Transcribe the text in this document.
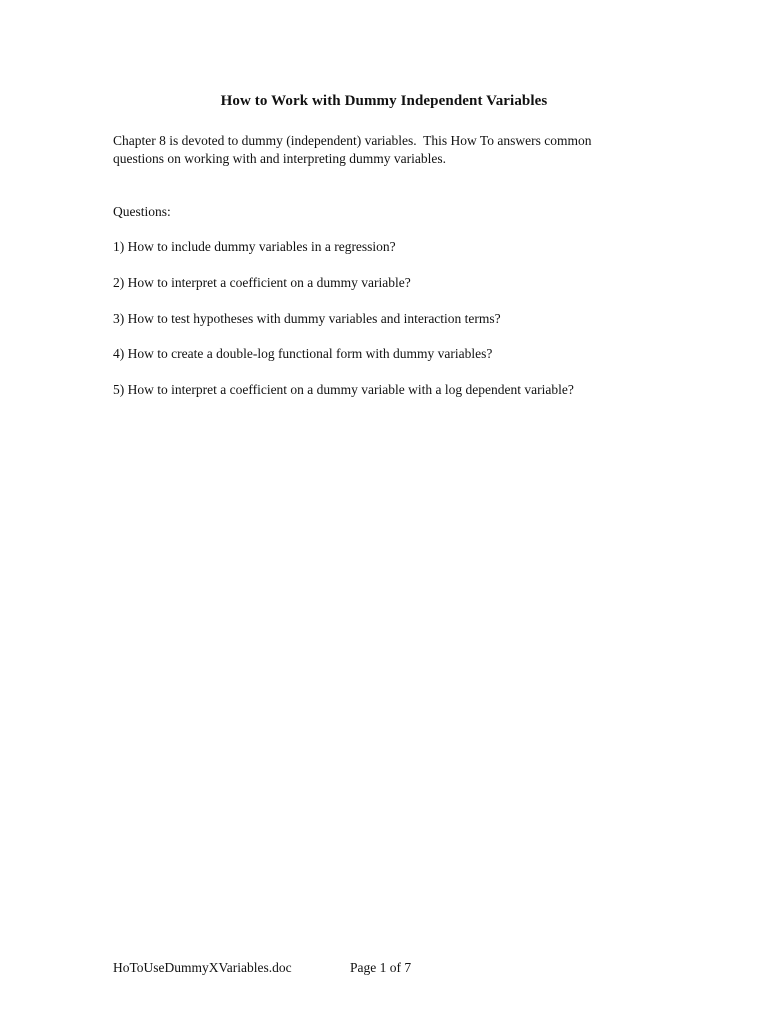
How to Work with Dummy Independent Variables

Chapter 8 is devoted to dummy (independent) variables.  This How To answers common
questions on working with and interpreting dummy variables.

Questions:

1) How to include dummy variables in a regression?

2) How to interpret a coefficient on a dummy variable?

3) How to test hypotheses with dummy variables and interaction terms?

4) How to create a double-log functional form with dummy variables?

5) How to interpret a coefficient on a dummy variable with a log dependent variable?

HoToUseDummyXVariables.doc	Page 1 of 7
